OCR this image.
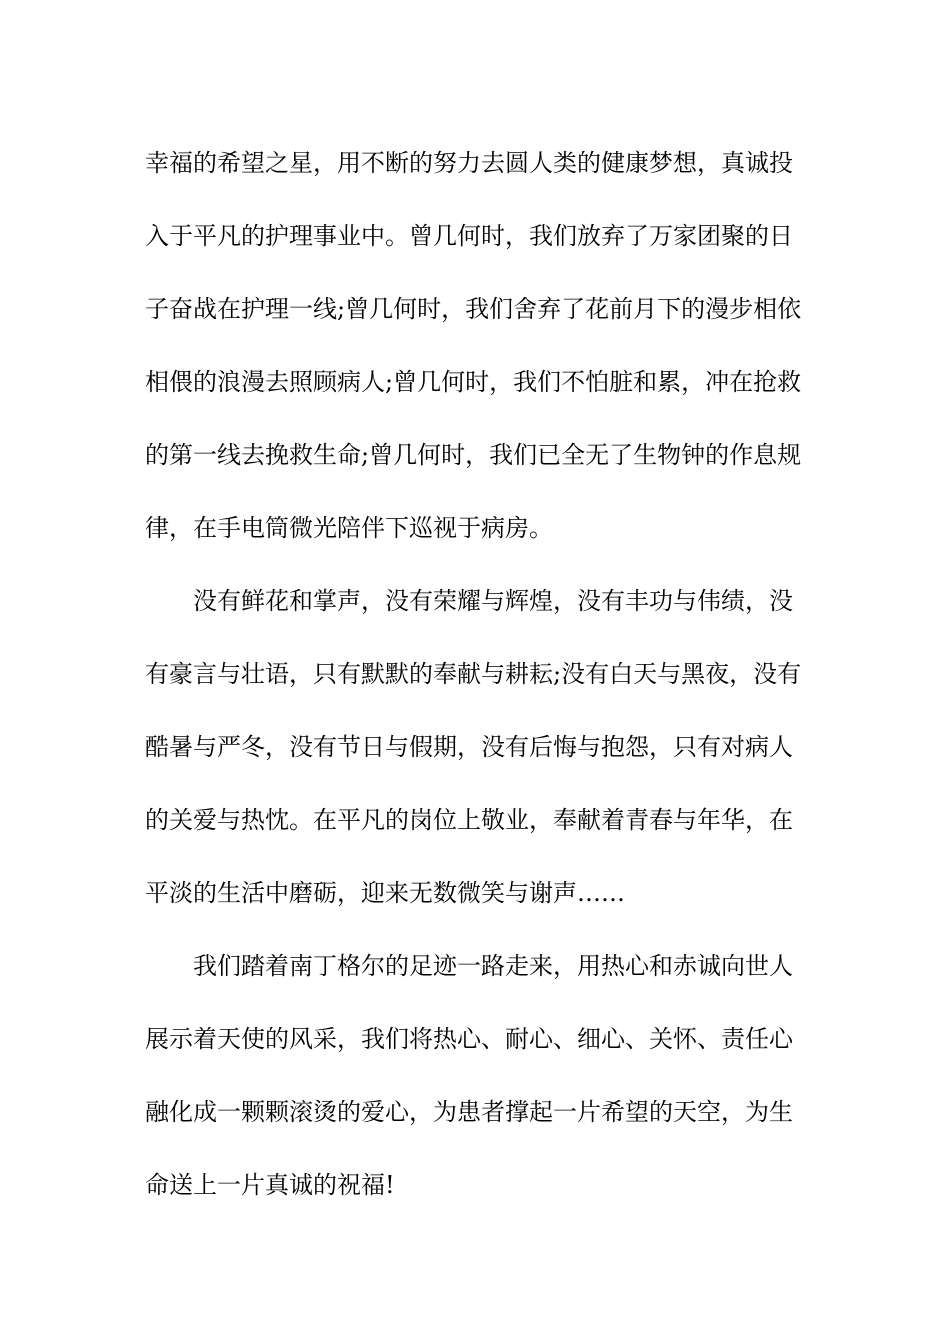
幸福的希望之星，用不断的努力去圆人类的健康梦想，真诚投
入于平凡的护理事业中。曾几何时，我们放弃了万家团聚的日
子奋战在护理一线;曾几何时，我们舍弃了花前月下的漫步相依
相偎的浪漫去照顾病人;曾几何时，我们不怕脏和累，冲在抢救
的第一线去挽救生命;曾几何时，我们已全无了生物钟的作息规
律，在手电筒微光陪伴下巡视于病房。
没有鲜花和掌声，没有荣耀与辉煌，没有丰功与伟绩，没
有豪言与壮语，只有默默的奉献与耕耘;没有白天与黑夜，没有
酷暑与严冬，没有节日与假期，没有后悔与抱怨，只有对病人
的关爱与热忱。在平凡的岗位上敬业，奉献着青春与年华，在
平淡的生活中磨砺，迎来无数微笑与谢声……
我们踏着南丁格尔的足迹一路走来，用热心和赤诚向世人
展示着天使的风采，我们将热心、耐心、细心、关怀、责任心
融化成一颗颗滚烫的爱心，为患者撑起一片希望的天空，为生
命送上一片真诚的祝福!
